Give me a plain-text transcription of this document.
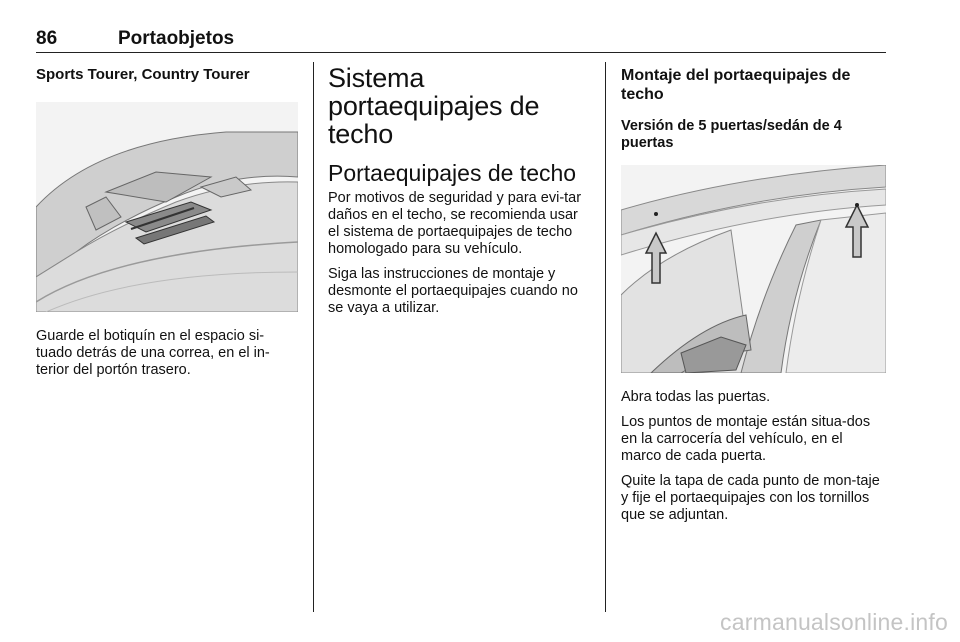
86	Portaobjetos
Sports Tourer, Country Tourer

Guarde el botiquín en el espacio si-tuado detrás de una correa, en el in-terior del portón trasero.

Sistema portaequipajes de techo
Portaequipajes de techo

Por motivos de seguridad y para evi-tar daños en el techo, se recomienda usar el sistema de portaequipajes de techo homologado para su vehículo.

Siga las instrucciones de montaje y desmonte el portaequipajes cuando no se vaya a utilizar.

Montaje del portaequipajes de techo
Versión de 5 puertas/sedán de 4 puertas

Abra todas las puertas.

Los puntos de montaje están situa-dos en la carrocería del vehículo, en el marco de cada puerta.

Quite la tapa de cada punto de mon-taje y fije el portaequipajes con los tornillos que se adjuntan.

carmanualsonline.info
